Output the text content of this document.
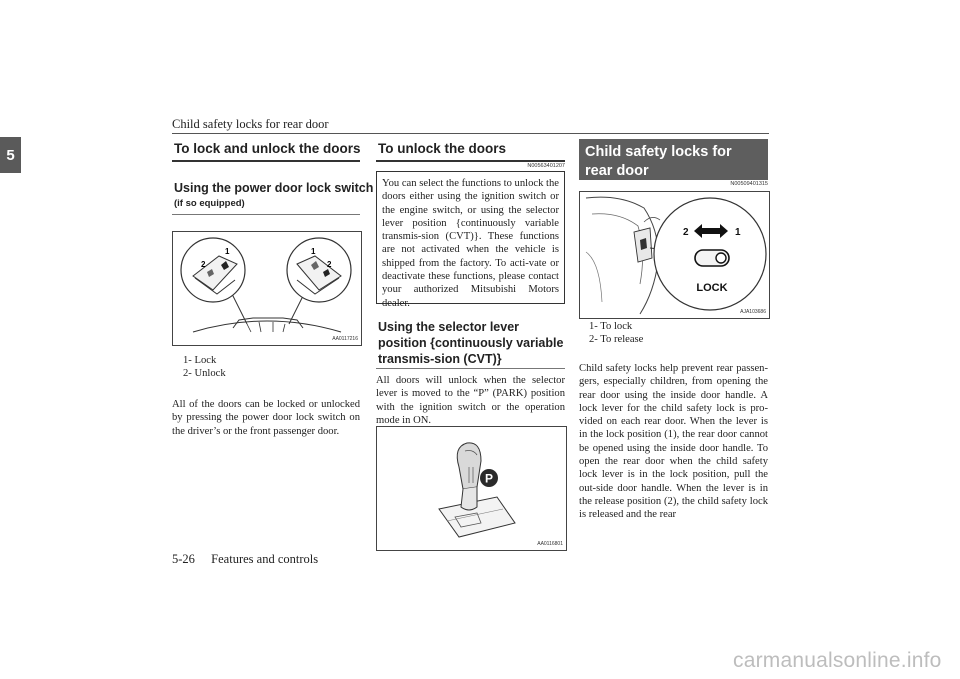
Child safety locks for rear door
5	To lock and unlock the doors
Using the power door lock switch
(if so equipped)
1
2
1
2
AA0117216
1- Lock
2- Unlock
All of the doors can be locked or unlocked by pressing the power door lock switch on the driver’s or the front passenger door.
To unlock the doors
N00563401207
You can select the functions to unlock the doors either using the ignition switch or the engine switch, or using the selector lever position {continuously variable transmis-sion (CVT)}. These functions are not activated when the vehicle is shipped from the factory. To acti-vate or deactivate these functions, please contact your authorized Mitsubishi Motors dealer.
Using the selector lever position {continuously variable transmis-sion (CVT)}
All doors will unlock when the selector lever is moved to the “P” (PARK) position with the ignition switch or the operation mode in ON.
P
AA0116801
Child safety locks for rear door
N00509401315
2	1
LOCK
AJA103686
1- To lock
2- To release
Child safety locks help prevent rear passen-gers, especially children, from opening the rear door using the inside door handle. A lock lever for the child safety lock is pro-vided on each rear door. When the lever is in the lock position (1), the rear door cannot be opened using the inside door handle. To open the rear door when the child safety lock lever is in the lock position, pull the out-side door handle. When the lever is in the release position (2), the child safety lock is released and the rear
5-26 Features and controls
carmanualsonline.info
